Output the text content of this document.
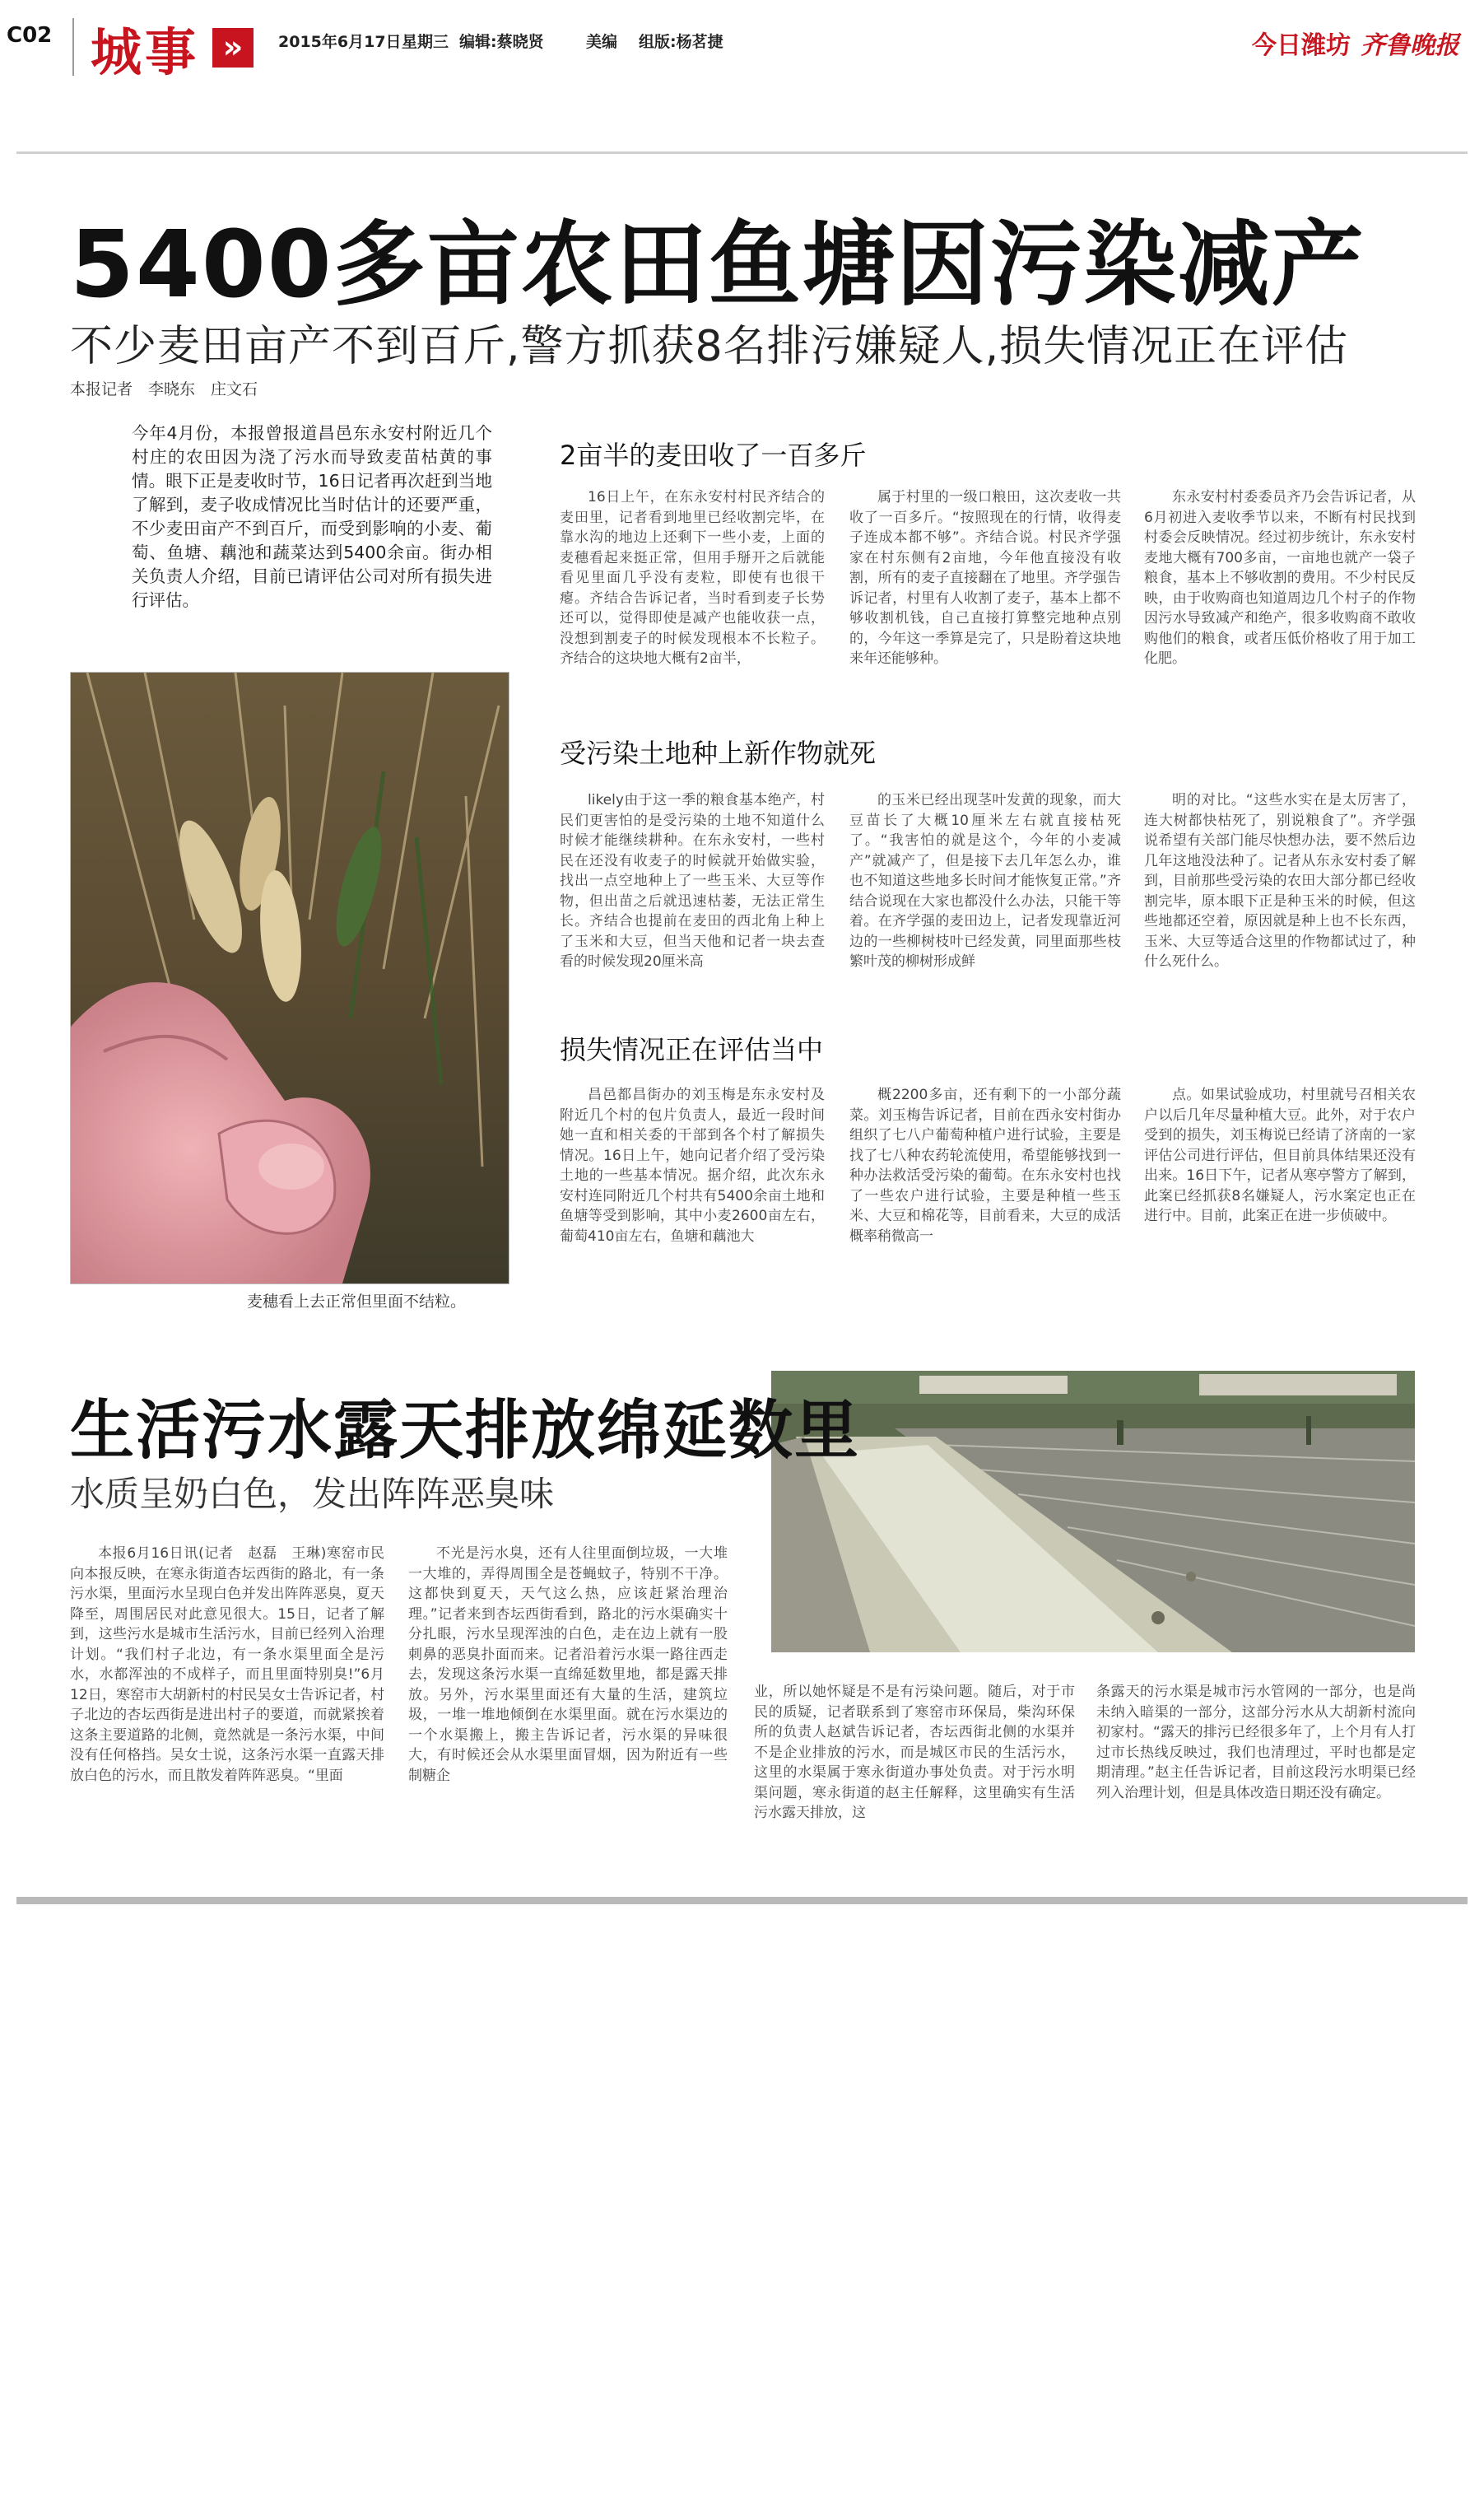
C02 城事 »	2015年6月17日 星期三 编辑:蔡晓贤	美编 组版:杨茗捷	今日潍坊 齐鲁晚报
5400多亩农田鱼塘因污染减产
不少麦田亩产不到百斤,警方抓获8名排污嫌疑人,损失情况正在评估
本报记者　李晓东　庄文石
今年4月份，本报曾报道昌邑东永安村附近几个村庄的农田因为浇了污水而导致麦苗枯黄的事情。眼下正是麦收时节，16日记者再次赶到当地了解到，麦子收成情况比当时估计的还要严重，不少麦田亩产不到百斤，而受到影响的小麦、葡萄、鱼塘、藕池和蔬菜达到5400余亩。街办相关负责人介绍，目前已请评估公司对所有损失进行评估。
麦穗看上去正常但里面不结粒。
2亩半的麦田收了一百多斤

16日上午，在东永安村村民齐结合的麦田里，记者看到地里已经收割完毕，在靠水沟的地边上还剩下一些小麦，上面的麦穗看起来挺正常，但用手掰开之后就能看见里面几乎没有麦粒，即使有也很干瘪。齐结合告诉记者，当时看到麦子长势还可以，觉得即使是减产也能收获一点，没想到割麦子的时候发现根本不长粒子。齐结合的这块地大概有2亩半，

属于村里的一级口粮田，这次麦收一共收了一百多斤。“按照现在的行情，收得麦子连成本都不够”。齐结合说。村民齐学强家在村东侧有2亩地，今年他直接没有收割，所有的麦子直接翻在了地里。齐学强告诉记者，村里有人收割了麦子，基本上都不够收割机钱，自己直接打算整完地种点别的，今年这一季算是完了，只是盼着这块地来年还能够种。

东永安村村委委员齐乃会告诉记者，从6月初进入麦收季节以来，不断有村民找到村委会反映情况。经过初步统计，东永安村麦地大概有700多亩，一亩地也就产一袋子粮食，基本上不够收割的费用。不少村民反映，由于收购商也知道周边几个村子的作物因污水导致减产和绝产，很多收购商不敢收购他们的粮食，或者压低价格收了用于加工化肥。

受污染土地种上新作物就死

likely由于这一季的粮食基本绝产，村民们更害怕的是受污染的土地不知道什么时候才能继续耕种。在东永安村，一些村民在还没有收麦子的时候就开始做实验，找出一点空地种上了一些玉米、大豆等作物，但出苗之后就迅速枯萎，无法正常生长。齐结合也提前在麦田的西北角上种上了玉米和大豆，但当天他和记者一块去查看的时候发现20厘米高

的玉米已经出现茎叶发黄的现象，而大豆苗长了大概10厘米左右就直接枯死了。“我害怕的就是这个，今年的小麦减产”就减产了，但是接下去几年怎么办，谁也不知道这些地多长时间才能恢复正常。”齐结合说现在大家也都没什么办法，只能干等着。在齐学强的麦田边上，记者发现靠近河边的一些柳树枝叶已经发黄，同里面那些枝繁叶茂的柳树形成鲜

明的对比。“这些水实在是太厉害了，连大树都快枯死了，别说粮食了”。齐学强说希望有关部门能尽快想办法，要不然后边几年这地没法种了。记者从东永安村委了解到，目前那些受污染的农田大部分都已经收割完毕，原本眼下正是种玉米的时候，但这些地都还空着，原因就是种上也不长东西，玉米、大豆等适合这里的作物都试过了，种什么死什么。

损失情况正在评估当中

昌邑都昌街办的刘玉梅是东永安村及附近几个村的包片负责人，最近一段时间她一直和相关委的干部到各个村了解损失情况。16日上午，她向记者介绍了受污染土地的一些基本情况。据介绍，此次东永安村连同附近几个村共有5400余亩土地和鱼塘等受到影响，其中小麦2600亩左右，葡萄410亩左右，鱼塘和藕池大

概2200多亩，还有剩下的一小部分蔬菜。刘玉梅告诉记者，目前在西永安村街办组织了七八户葡萄种植户进行试验，主要是找了七八种农药轮流使用，希望能够找到一种办法救活受污染的葡萄。在东永安村也找了一些农户进行试验，主要是种植一些玉米、大豆和棉花等，目前看来，大豆的成活概率稍微高一

点。如果试验成功，村里就号召相关农户以后几年尽量种植大豆。此外，对于农户受到的损失，刘玉梅说已经请了济南的一家评估公司进行评估，但目前具体结果还没有出来。16日下午，记者从寒亭警方了解到，此案已经抓获8名嫌疑人，污水案定也正在进行中。目前，此案正在进一步侦破中。

生活污水露天排放绵延数里
水质呈奶白色，发出阵阵恶臭味

本报6月16日讯(记者　赵磊　王琳)寒窑市民向本报反映，在寒永街道杏坛西街的路北，有一条污水渠，里面污水呈现白色并发出阵阵恶臭，夏天降至，周围居民对此意见很大。15日，记者了解到，这些污水是城市生活污水，目前已经列入治理计划。“我们村子北边，有一条水渠里面全是污水，水都浑浊的不成样子，而且里面特别臭!”6月12日，寒窑市大胡新村的村民吴女士告诉记者，村子北边的杏坛西街是进出村子的要道，而就紧挨着这条主要道路的北侧，竟然就是一条污水渠，中间没有任何格挡。吴女士说，这条污水渠一直露天排放白色的污水，而且散发着阵阵恶臭。“里面

不光是污水臭，还有人往里面倒垃圾，一大堆一大堆的，弄得周围全是苍蝇蚊子，特别不干净。这都快到夏天，天气这么热，应该赶紧治理治理。”记者来到杏坛西街看到，路北的污水渠确实十分扎眼，污水呈现浑浊的白色，走在边上就有一股刺鼻的恶臭扑面而来。记者沿着污水渠一路往西走去，发现这条污水渠一直绵延数里地，都是露天排放。另外，污水渠里面还有大量的生活，建筑垃圾，一堆一堆地倾倒在水渠里面。就在污水渠边的一个水渠搬上，搬主告诉记者，污水渠的异味很大，有时候还会从水渠里面冒烟，因为附近有一些制糖企

业，所以她怀疑是不是有污染问题。随后，对于市民的质疑，记者联系到了寒窑市环保局，柴沟环保所的负责人赵斌告诉记者，杏坛西街北侧的水渠并不是企业排放的污水，而是城区市民的生活污水，这里的水渠属于寒永街道办事处负责。对于污水明渠问题，寒永街道的赵主任解释，这里确实有生活污水露天排放，这

条露天的污水渠是城市污水管网的一部分，也是尚未纳入暗渠的一部分，这部分污水从大胡新村流向初家村。“露天的排污已经很多年了，上个月有人打过市长热线反映过，我们也清理过，平时也都是定期清理。”赵主任告诉记者，目前这段污水明渠已经列入治理计划，但是具体改造日期还没有确定。
